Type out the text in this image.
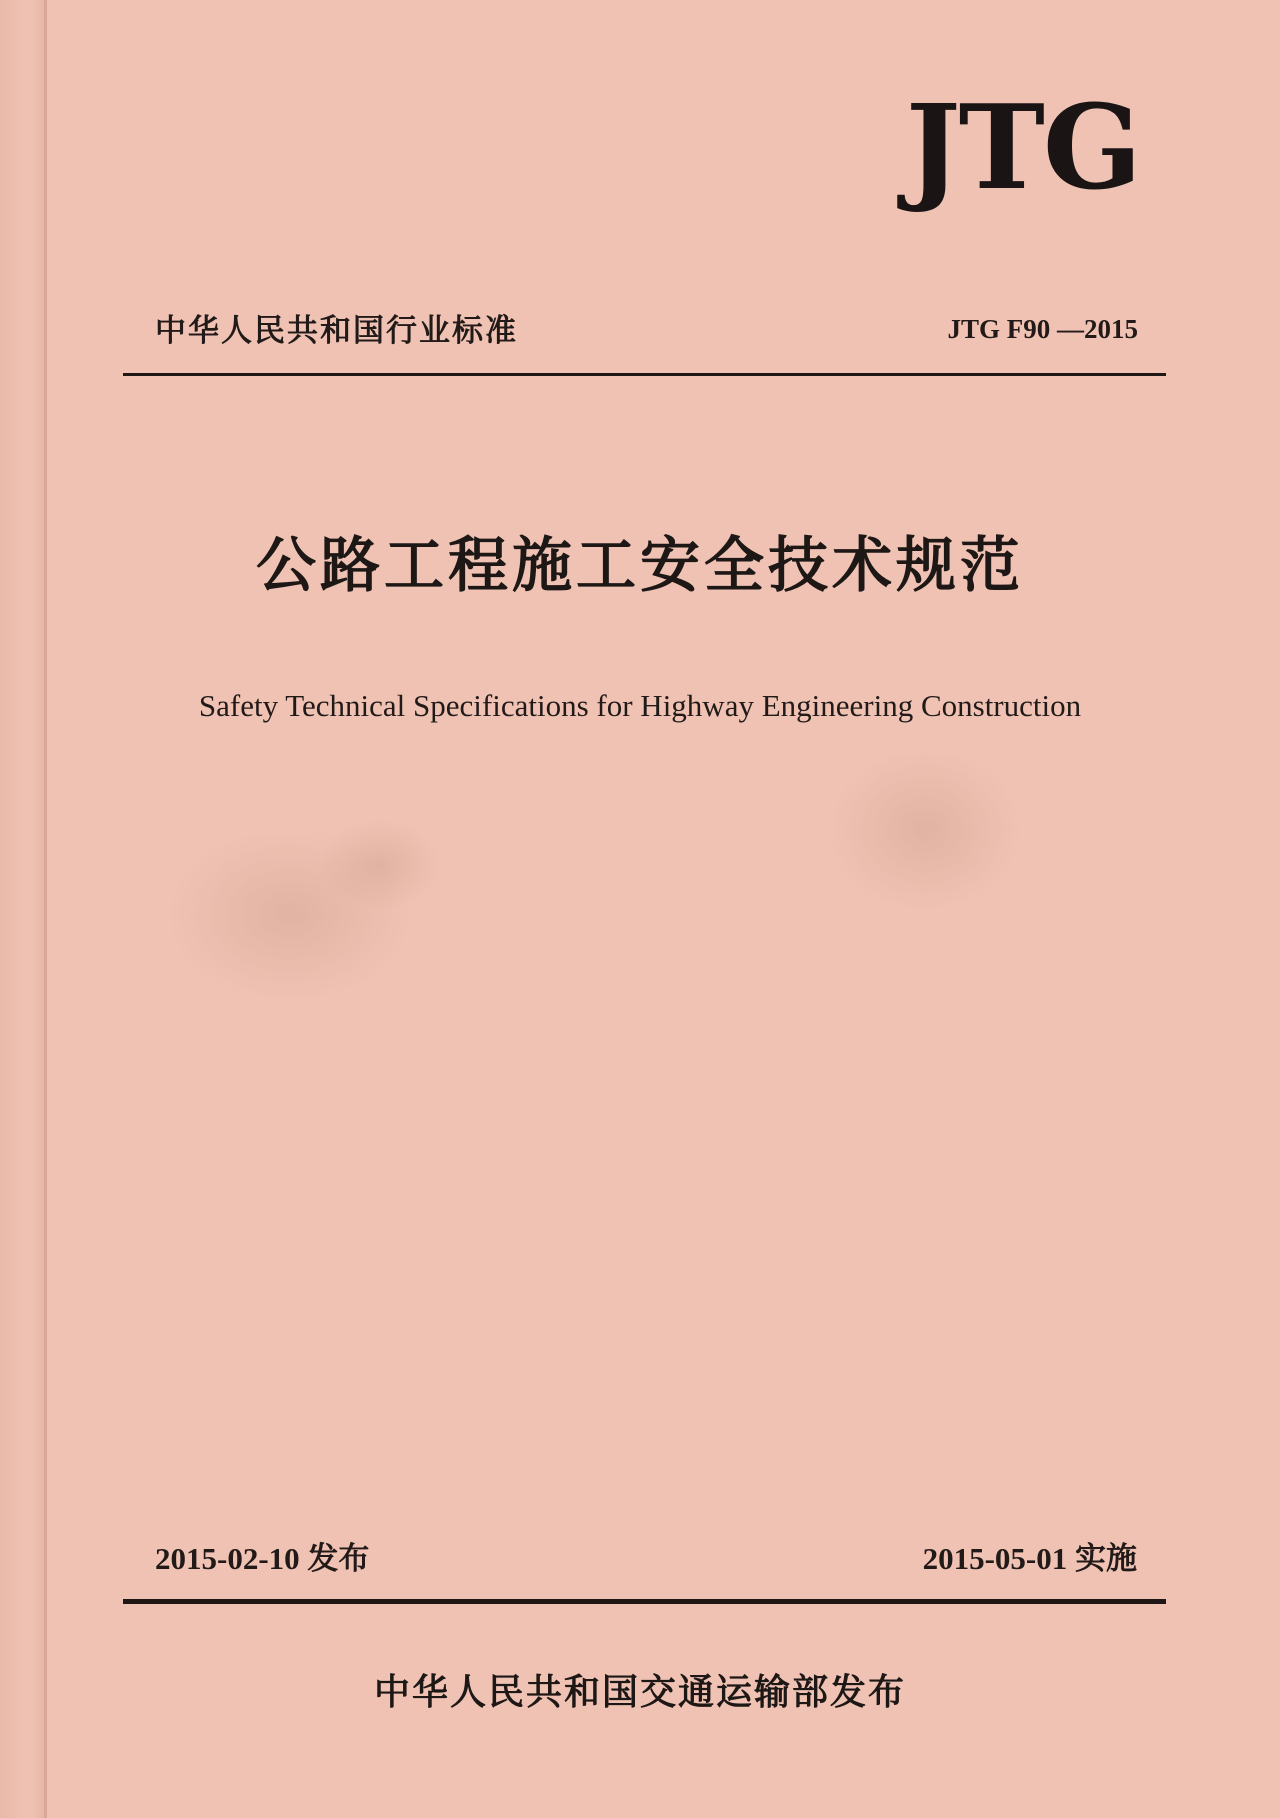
JTG
中华人民共和国行业标准	JTG F90 —2015
公路工程施工安全技术规范
Safety Technical Specifications for Highway Engineering Construction
2015-02-10 发布	2015-05-01 实施
中华人民共和国交通运输部发布
